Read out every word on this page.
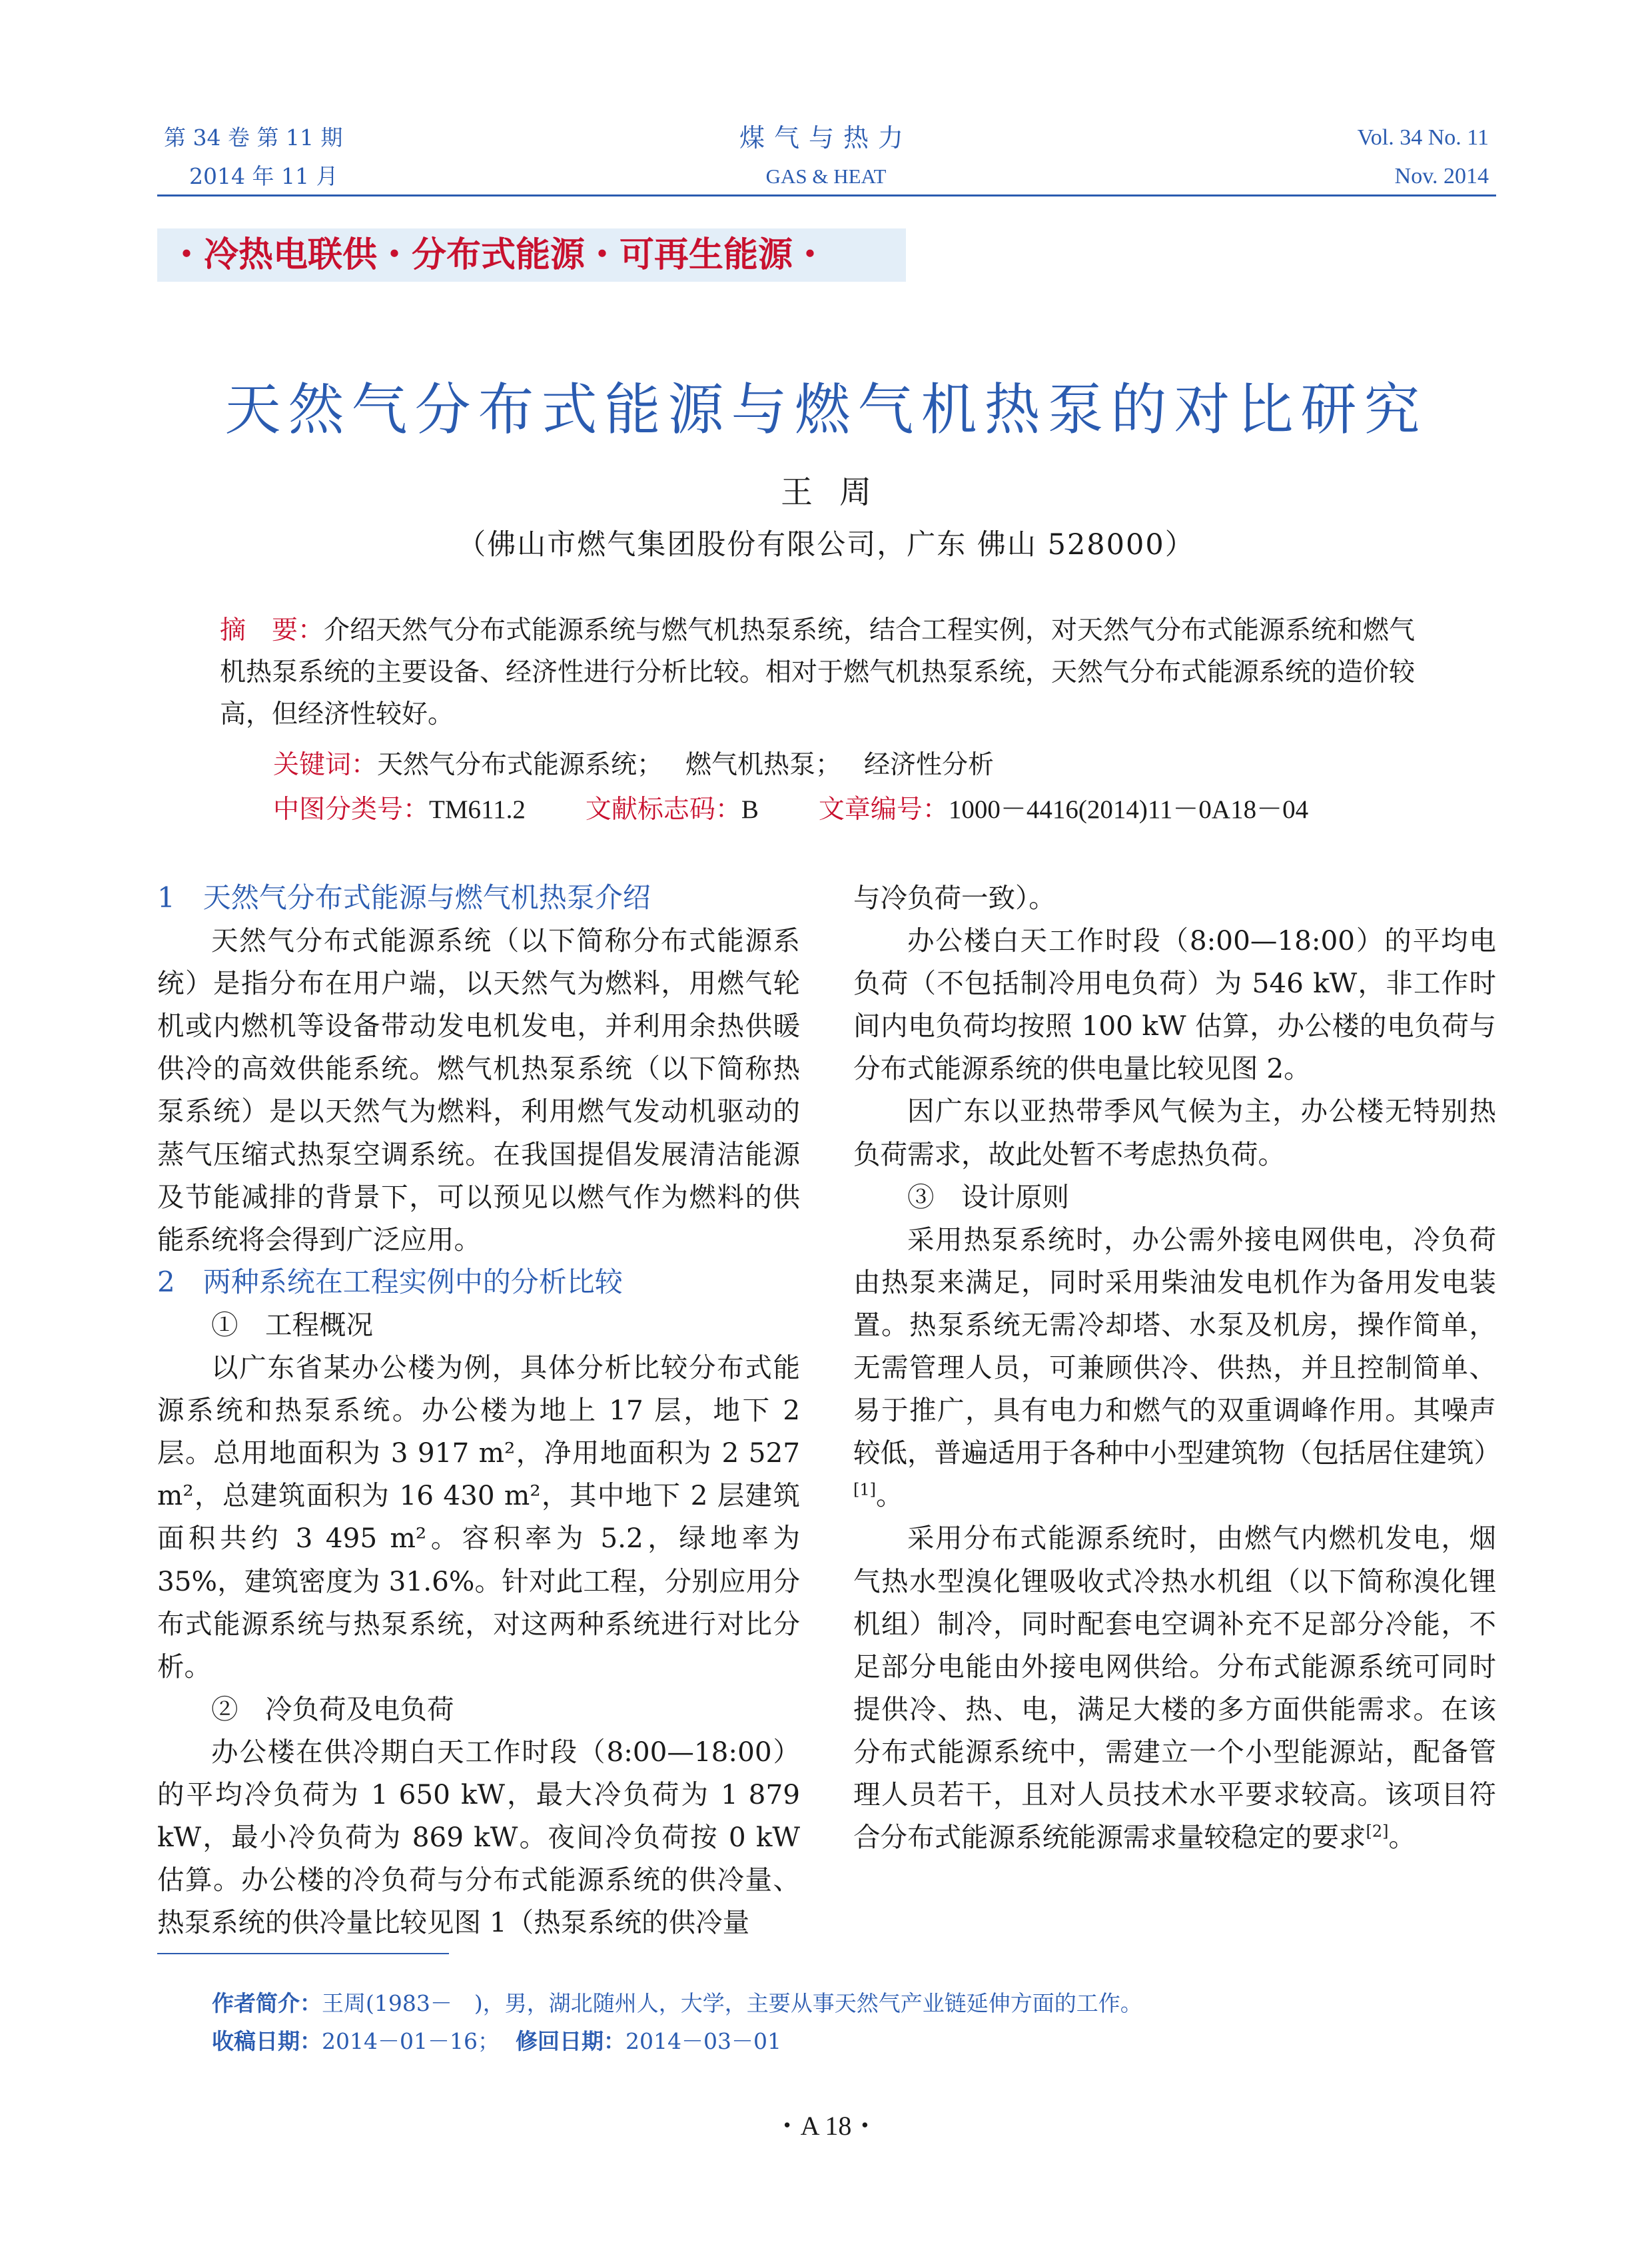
第 34 卷 第 11 期
2014 年 11 月
煤气与热力
GAS & HEAT
Vol. 34 No. 11
Nov. 2014
・冷热电联供・分布式能源・可再生能源・
天然气分布式能源与燃气机热泵的对比研究
王周
（佛山市燃气集团股份有限公司，广东 佛山 528000）

摘　要：介绍天然气分布式能源系统与燃气机热泵系统，结合工程实例，对天然气分布式能源系统和燃气机热泵系统的主要设备、经济性进行分析比较。相对于燃气机热泵系统，天然气分布式能源系统的造价较高，但经济性较好。

关键词：天然气分布式能源系统； 燃气机热泵； 经济性分析
中图分类号：TM611.2 文献标志码：B 文章编号：1000－4416(2014)11－0A18－04

1　天然气分布式能源与燃气机热泵介绍

天然气分布式能源系统（以下简称分布式能源系统）是指分布在用户端，以天然气为燃料，用燃气轮机或内燃机等设备带动发电机发电，并利用余热供暖供冷的高效供能系统。燃气机热泵系统（以下简称热泵系统）是以天然气为燃料，利用燃气发动机驱动的蒸气压缩式热泵空调系统。在我国提倡发展清洁能源及节能减排的背景下，可以预见以燃气作为燃料的供能系统将会得到广泛应用。

2　两种系统在工程实例中的分析比较

①　工程概况

以广东省某办公楼为例，具体分析比较分布式能源系统和热泵系统。办公楼为地上 17 层，地下 2 层。总用地面积为 3 917 m²，净用地面积为 2 527 m²，总建筑面积为 16 430 m²，其中地下 2 层建筑面积共约 3 495 m²。容积率为 5.2，绿地率为 35%，建筑密度为 31.6%。针对此工程，分别应用分布式能源系统与热泵系统，对这两种系统进行对比分析。

②　冷负荷及电负荷

办公楼在供冷期白天工作时段（8:00—18:00）的平均冷负荷为 1 650 kW，最大冷负荷为 1 879 kW，最小冷负荷为 869 kW。夜间冷负荷按 0 kW 估算。办公楼的冷负荷与分布式能源系统的供冷量、热泵系统的供冷量比较见图 1（热泵系统的供冷量

与冷负荷一致）。

办公楼白天工作时段（8:00—18:00）的平均电负荷（不包括制冷用电负荷）为 546 kW，非工作时间内电负荷均按照 100 kW 估算，办公楼的电负荷与分布式能源系统的供电量比较见图 2。

因广东以亚热带季风气候为主，办公楼无特别热负荷需求，故此处暂不考虑热负荷。

③　设计原则

采用热泵系统时，办公需外接电网供电，冷负荷由热泵来满足，同时采用柴油发电机作为备用发电装置。热泵系统无需冷却塔、水泵及机房，操作简单，无需管理人员，可兼顾供冷、供热，并且控制简单、易于推广，具有电力和燃气的双重调峰作用。其噪声较低，普遍适用于各种中小型建筑物（包括居住建筑）[1]。

采用分布式能源系统时，由燃气内燃机发电，烟气热水型溴化锂吸收式冷热水机组（以下简称溴化锂机组）制冷，同时配套电空调补充不足部分冷能，不足部分电能由外接电网供给。分布式能源系统可同时提供冷、热、电，满足大楼的多方面供能需求。在该分布式能源系统中，需建立一个小型能源站，配备管理人员若干，且对人员技术水平要求较高。该项目符合分布式能源系统能源需求量较稳定的要求[2]。

作者简介：王周(1983－　)，男，湖北随州人，大学，主要从事天然气产业链延伸方面的工作。
收稿日期：2014－01－16； 修回日期：2014－03－01
・A 18・
